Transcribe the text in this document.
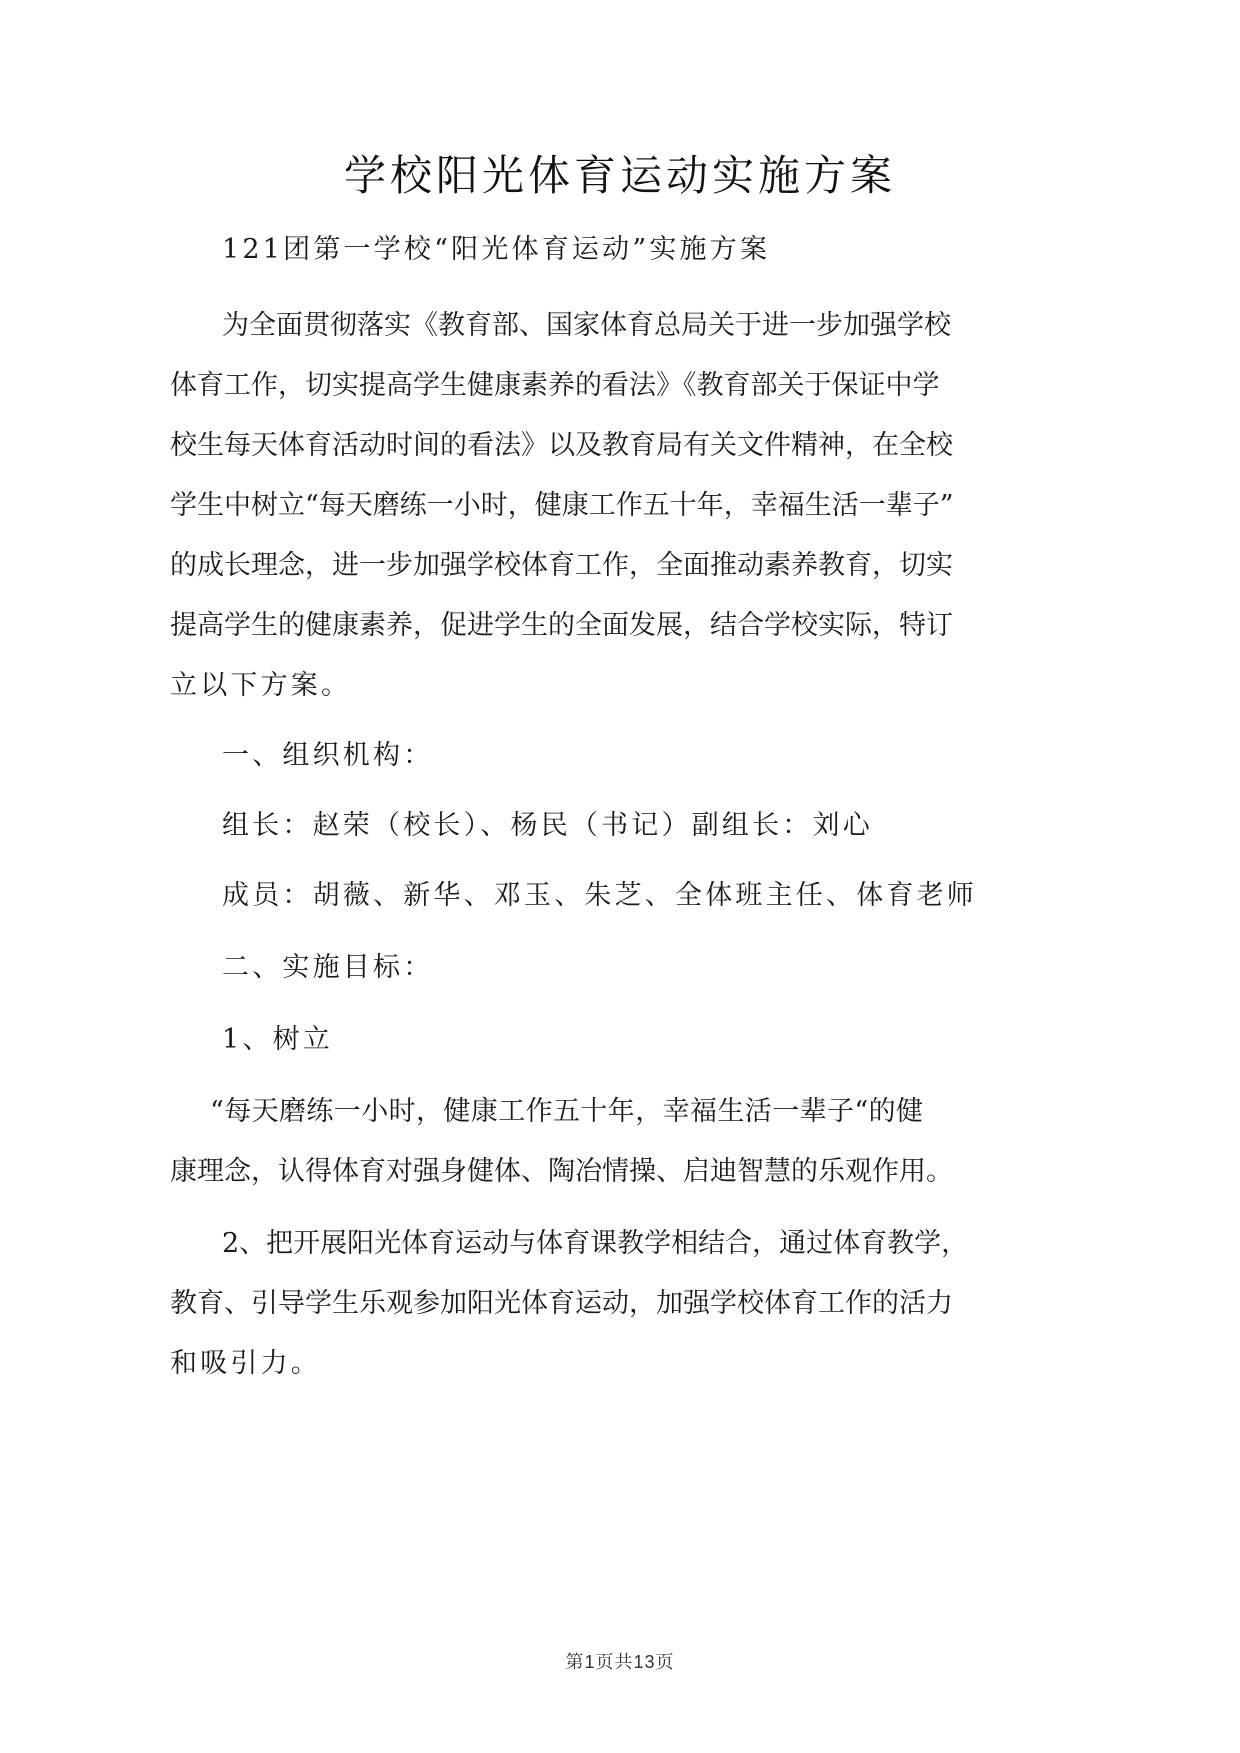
学校阳光体育运动实施方案
121团第一学校“阳光体育运动”实施方案
为全面贯彻落实《教育部、国家体育总局关于进一步加强学校
体育工作，切实提高学生健康素养的看法》《教育部关于保证中学
校生每天体育活动时间的看法》以及教育局有关文件精神，在全校
学生中树立“每天磨练一小时，健康工作五十年，幸福生活一辈子”
的成长理念，进一步加强学校体育工作，全面推动素养教育，切实
提高学生的健康素养，促进学生的全面发展，结合学校实际，特订
立以下方案。
一、组织机构：
组长：赵荣（校长）、杨民（书记）副组长：刘心
成员：胡薇、新华、邓玉、朱芝、全体班主任、体育老师
二、实施目标：
1、树立
“每天磨练一小时，健康工作五十年，幸福生活一辈子“的健
康理念，认得体育对强身健体、陶冶情操、启迪智慧的乐观作用。
2、把开展阳光体育运动与体育课教学相结合，通过体育教学，
教育、引导学生乐观参加阳光体育运动，加强学校体育工作的活力
和吸引力。
第1页共13页
